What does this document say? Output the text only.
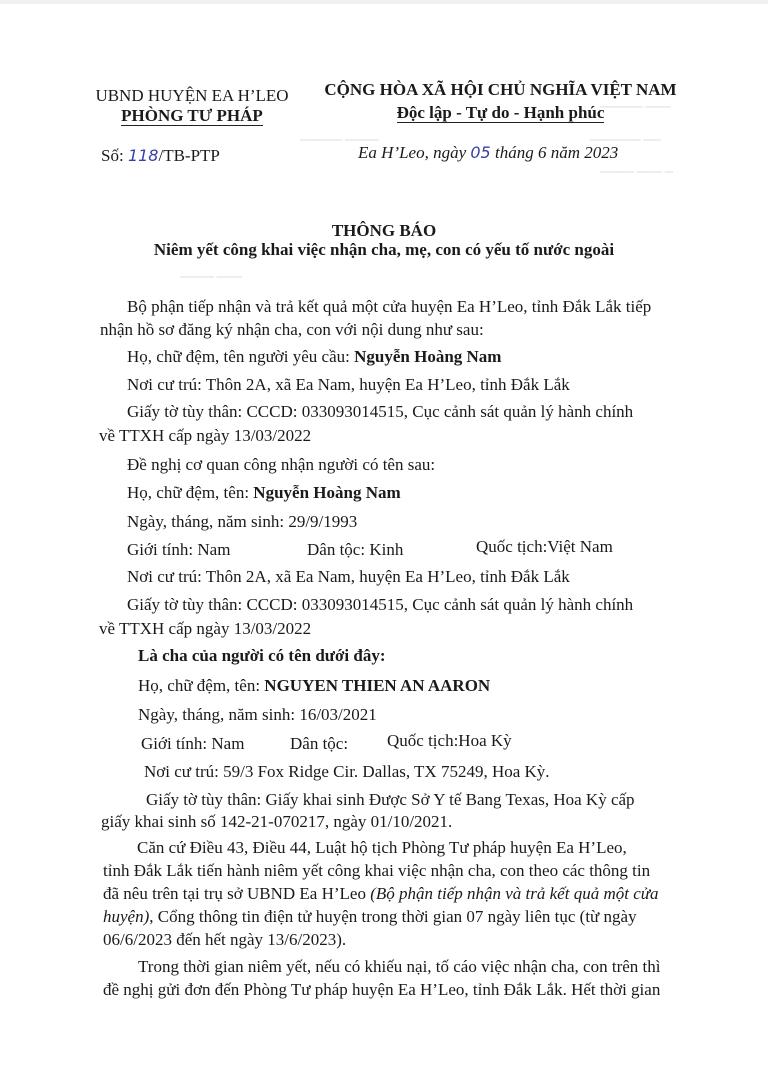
▁▁▁▁▁ ▁▁▁
▁▁▁▁▁▁ ▁▁
▁▁▁▁ ▁▁▁ ▁
▁▁▁▁▁ ▁▁▁▁
▁▁▁▁ ▁▁▁
UBND HUYỆN EA H’LEO
PHÒNG TƯ PHÁP
Số: 118/TB-PTP
CỘNG HÒA XÃ HỘI CHỦ NGHĨA VIỆT NAM
Độc lập - Tự do - Hạnh phúc
Ea H’Leo, ngày 05 tháng 6 năm 2023
THÔNG BÁO
Niêm yết công khai việc nhận cha, mẹ, con có yếu tố nước ngoài
Bộ phận tiếp nhận và trả kết quả một cửa huyện Ea H’Leo, tỉnh Đắk Lắk tiếp
nhận hồ sơ đăng ký nhận cha, con với nội dung như sau:
Họ, chữ đệm, tên người yêu cầu: Nguyễn Hoàng Nam
Nơi cư trú: Thôn 2A, xã Ea Nam, huyện Ea H’Leo, tỉnh Đắk Lắk
Giấy tờ tùy thân: CCCD: 033093014515, Cục cảnh sát quản lý hành chính
về TTXH cấp ngày 13/03/2022
Đề nghị cơ quan công nhận người có tên sau:
Họ, chữ đệm, tên: Nguyễn Hoàng Nam
Ngày, tháng, năm sinh: 29/9/1993
Giới tính: Nam	Dân tộc: Kinh	Quốc tịch:Việt Nam
Nơi cư trú: Thôn 2A, xã Ea Nam, huyện Ea H’Leo, tỉnh Đắk Lắk
Giấy tờ tùy thân: CCCD: 033093014515, Cục cảnh sát quản lý hành chính
về TTXH cấp ngày 13/03/2022
Là cha của người có tên dưới đây:
Họ, chữ đệm, tên: NGUYEN THIEN AN AARON
Ngày, tháng, năm sinh: 16/03/2021
Giới tính: Nam	Dân tộc: Quốc tịch:Hoa Kỳ
Nơi cư trú: 59/3 Fox Ridge Cir. Dallas, TX 75249, Hoa Kỳ.
Giấy tờ tùy thân: Giấy khai sinh Được Sở Y tế Bang Texas, Hoa Kỳ cấp
giấy khai sinh số 142-21-070217, ngày 01/10/2021.
Căn cứ Điều 43, Điều 44, Luật hộ tịch Phòng Tư pháp huyện Ea H’Leo,
tỉnh Đắk Lắk tiến hành niêm yết công khai việc nhận cha, con theo các thông tin
đã nêu trên tại trụ sở UBND Ea H’Leo (Bộ phận tiếp nhận và trả kết quả một cửa
huyện), Cổng thông tin điện tử huyện trong thời gian 07 ngày liên tục (từ ngày
06/6/2023 đến hết ngày 13/6/2023).
Trong thời gian niêm yết, nếu có khiếu nại, tố cáo việc nhận cha, con trên thì
đề nghị gửi đơn đến Phòng Tư pháp huyện Ea H’Leo, tỉnh Đắk Lắk. Hết thời gian
